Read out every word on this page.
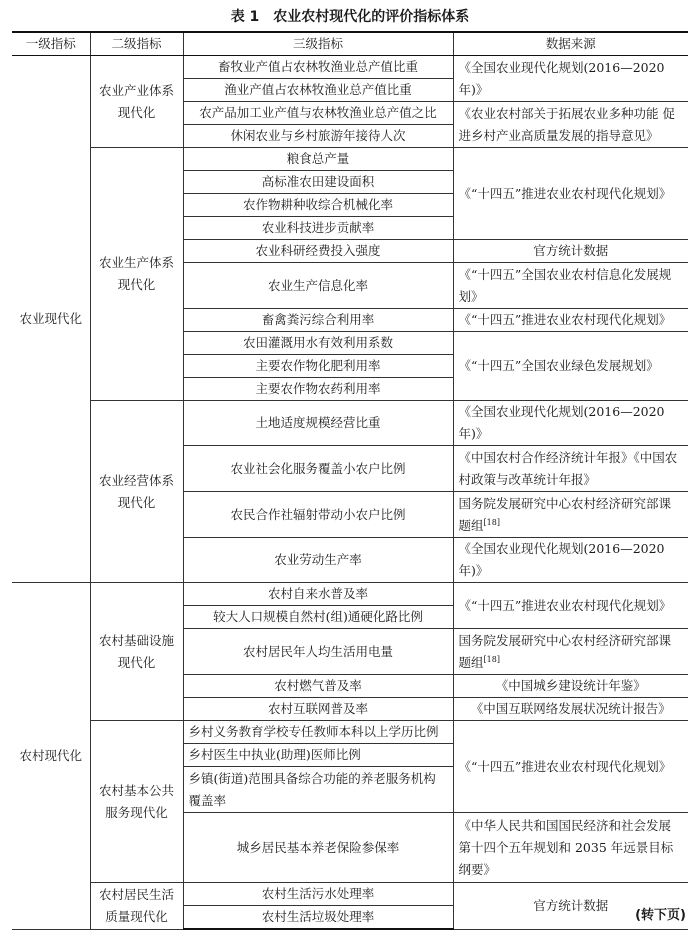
表 1　农业农村现代化的评价指标体系
一级指标	二级指标	三级指标	数据来源
农业现代化	农业产业体系现代化	畜牧业产值占农林牧渔业总产值比重	《全国农业现代化规划(2016—2020年)》
		渔业产值占农林牧渔业总产值比重	
		农产品加工业产值与农林牧渔业总产值之比	《农业农村部关于拓展农业多种功能 促进乡村产业高质量发展的指导意见》
		休闲农业与乡村旅游年接待人次	
	农业生产体系现代化	粮食总产量	《“十四五”推进农业农村现代化规划》
		高标准农田建设面积	
		农作物耕种收综合机械化率	
		农业科技进步贡献率	
		农业科研经费投入强度	官方统计数据
		农业生产信息化率	《“十四五”全国农业农村信息化发展规划》
		畜禽粪污综合利用率	《“十四五”推进农业农村现代化规划》
		农田灌溉用水有效利用系数	《“十四五”全国农业绿色发展规划》
		主要农作物化肥利用率	
		主要农作物农药利用率	
	农业经营体系现代化	土地适度规模经营比重	《全国农业现代化规划(2016—2020年)》
		农业社会化服务覆盖小农户比例	《中国农村合作经济统计年报》《中国农村政策与改革统计年报》
		农民合作社辐射带动小农户比例	国务院发展研究中心农村经济研究部课题组[18]
		农业劳动生产率	《全国农业现代化规划(2016—2020年)》
农村现代化	农村基础设施现代化	农村自来水普及率	《“十四五”推进农业农村现代化规划》
		较大人口规模自然村(组)通硬化路比例	
		农村居民年人均生活用电量	国务院发展研究中心农村经济研究部课题组[18]
		农村燃气普及率	《中国城乡建设统计年鉴》
		农村互联网普及率	《中国互联网络发展状况统计报告》
	农村基本公共服务现代化	乡村义务教育学校专任教师本科以上学历比例	《“十四五”推进农业农村现代化规划》
		乡村医生中执业(助理)医师比例	
		乡镇(街道)范围具备综合功能的养老服务机构覆盖率	
		城乡居民基本养老保险参保率	《中华人民共和国国民经济和社会发展第十四个五年规划和 2035 年远景目标纲要》
	农村居民生活质量现代化	农村生活污水处理率	官方统计数据
		农村生活垃圾处理率		(转下页)
